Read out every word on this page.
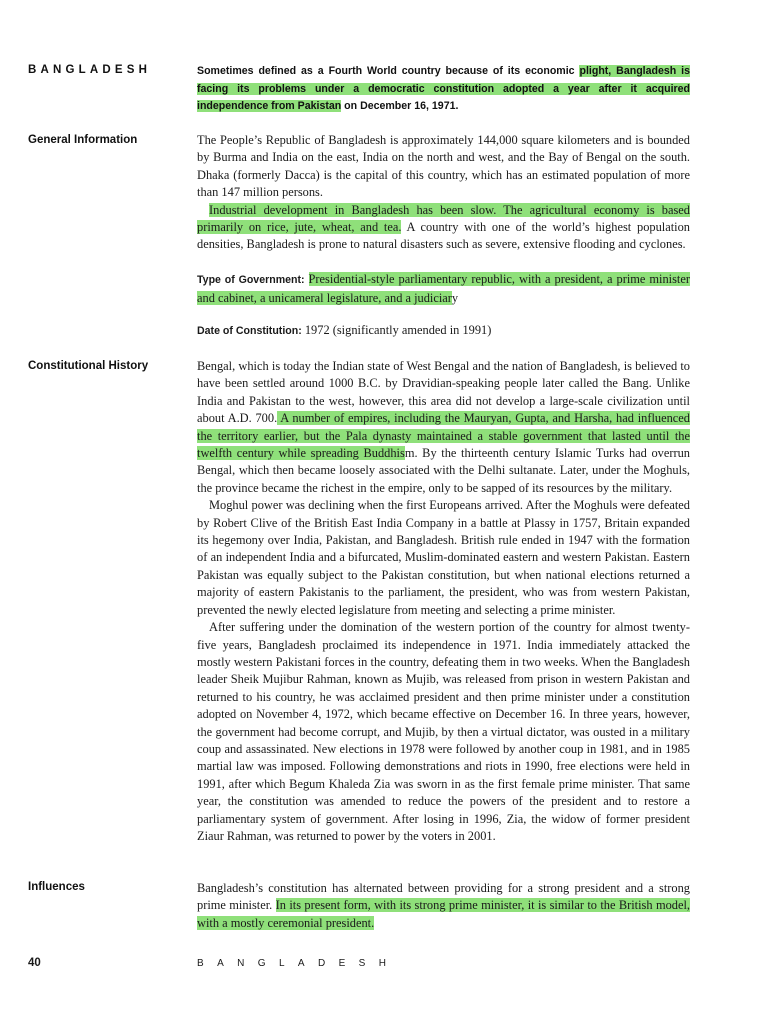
BANGLADESH
General Information
Constitutional History
Influences
Sometimes defined as a Fourth World country because of its economic plight, Bangladesh is facing its problems under a democratic constitution adopted a year after it acquired independence from Pakistan on December 16, 1971.

The People’s Republic of Bangladesh is approximately 144,000 square kilometers and is bounded by Burma and India on the east, India on the north and west, and the Bay of Bengal on the south. Dhaka (formerly Dacca) is the capital of this country, which has an estimated population of more than 147 million persons.

Industrial development in Bangladesh has been slow. The agricultural economy is based primarily on rice, jute, wheat, and tea. A country with one of the world’s highest population densities, Bangladesh is prone to natural disasters such as severe, extensive flooding and cyclones.

Type of Government: Presidential-style parliamentary republic, with a president, a prime minister and cabinet, a unicameral legislature, and a judiciary
Date of Constitution: 1972 (significantly amended in 1991)

Bengal, which is today the Indian state of West Bengal and the nation of Bangladesh, is believed to have been settled around 1000 B.C. by Dravidian-speaking people later called the Bang. Unlike India and Pakistan to the west, however, this area did not develop a large-scale civilization until about A.D. 700. A number of empires, including the Mauryan, Gupta, and Harsha, had influenced the territory earlier, but the Pala dynasty maintained a stable government that lasted until the twelfth century while spreading Buddhism. By the thirteenth century Islamic Turks had overrun Bengal, which then became loosely associated with the Delhi sultanate. Later, under the Moghuls, the province became the richest in the empire, only to be sapped of its resources by the military.

Moghul power was declining when the first Europeans arrived. After the Moghuls were defeated by Robert Clive of the British East India Company in a battle at Plassy in 1757, Britain expanded its hegemony over India, Pakistan, and Bangladesh. British rule ended in 1947 with the formation of an independent India and a bifurcated, Muslim-dominated eastern and western Pakistan. Eastern Pakistan was equally subject to the Pakistan constitution, but when national elections returned a majority of eastern Pakistanis to the parliament, the president, who was from western Pakistan, prevented the newly elected legislature from meeting and selecting a prime minister.

After suffering under the domination of the western portion of the country for almost twenty-five years, Bangladesh proclaimed its independence in 1971. India immediately attacked the mostly western Pakistani forces in the country, defeating them in two weeks. When the Bangladesh leader Sheik Mujibur Rahman, known as Mujib, was released from prison in western Pakistan and returned to his country, he was acclaimed president and then prime minister under a constitution adopted on November 4, 1972, which became effective on December 16. In three years, however, the government had become corrupt, and Mujib, by then a virtual dictator, was ousted in a military coup and assassinated. New elections in 1978 were followed by another coup in 1981, and in 1985 martial law was imposed. Following demonstrations and riots in 1990, free elections were held in 1991, after which Begum Khaleda Zia was sworn in as the first female prime minister. That same year, the constitution was amended to reduce the powers of the president and to restore a parliamentary system of government. After losing in 1996, Zia, the widow of former president Ziaur Rahman, was returned to power by the voters in 2001.

Bangladesh’s constitution has alternated between providing for a strong president and a strong prime minister. In its present form, with its strong prime minister, it is similar to the British model, with a mostly ceremonial president.
40	BANGLADESH
